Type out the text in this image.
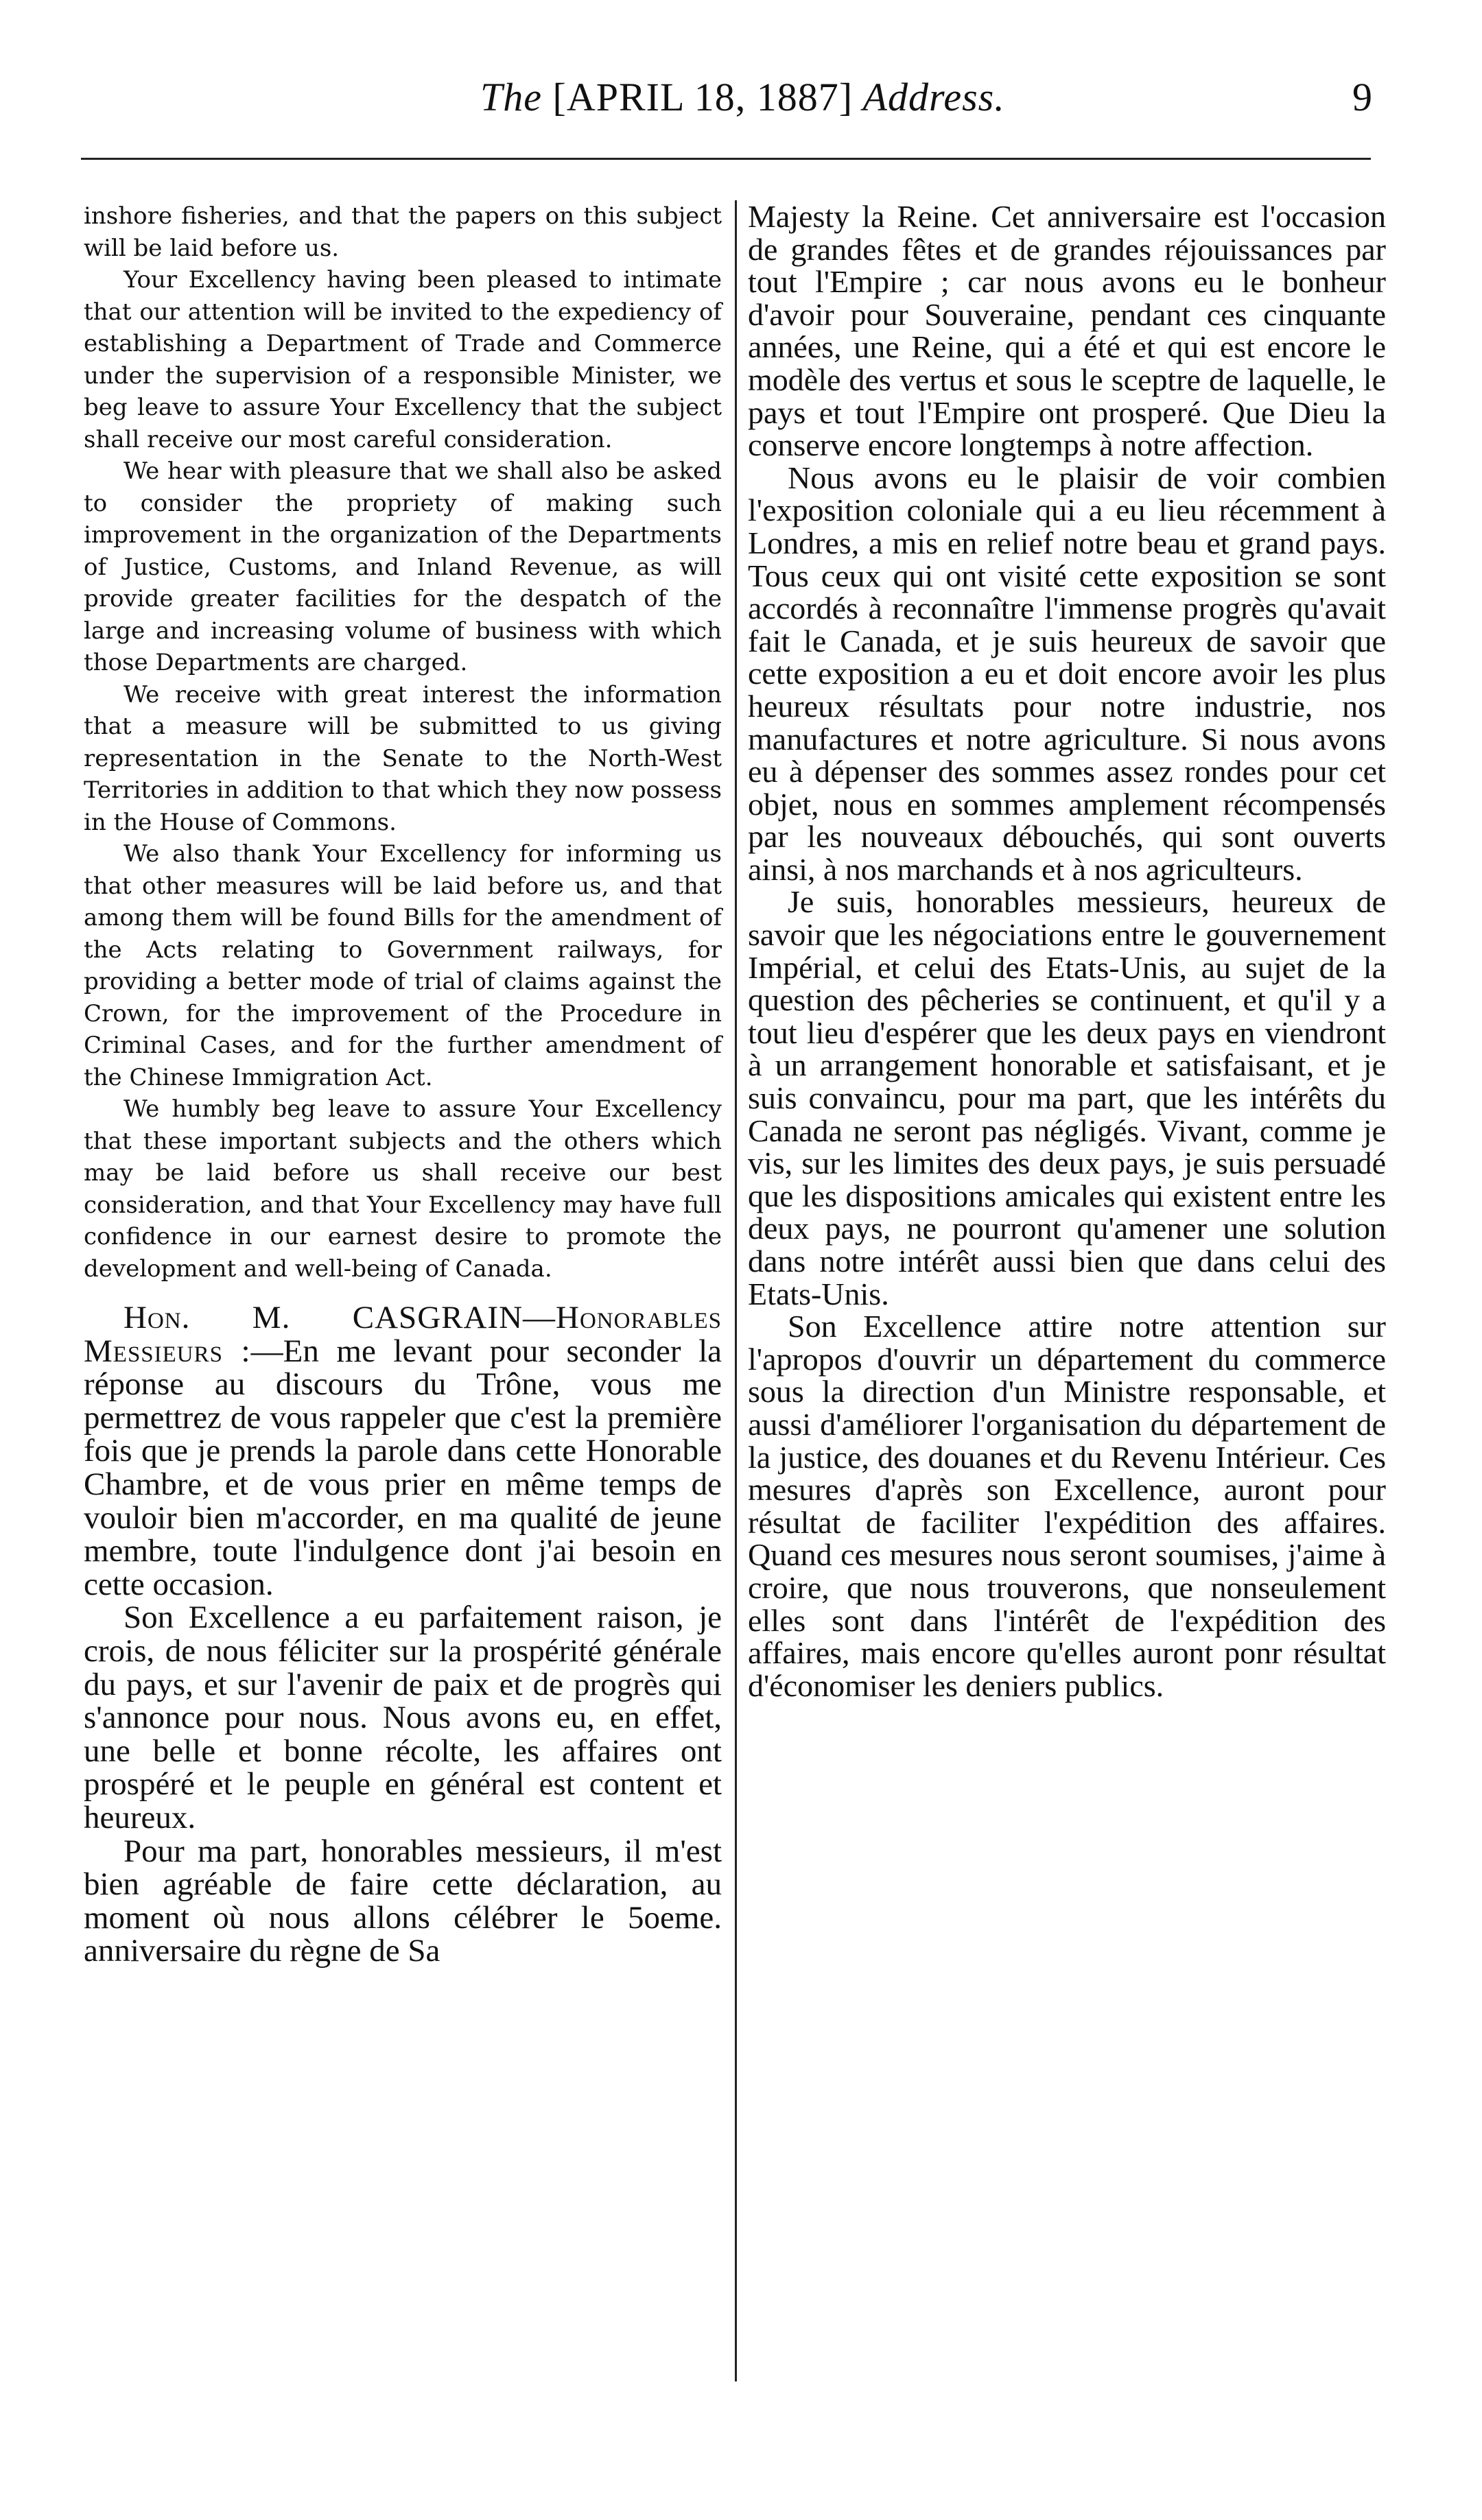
The [APRIL 18, 1887] Address.	9

inshore fisheries, and that the papers on this subject will be laid before us.

Your Excellency having been pleased to intimate that our attention will be invited to the expediency of establishing a Department of Trade and Commerce under the supervision of a responsible Minister, we beg leave to assure Your Excellency that the subject shall receive our most careful consideration.

We hear with pleasure that we shall also be asked to consider the propriety of making such improvement in the organization of the Departments of Justice, Customs, and Inland Revenue, as will provide greater facilities for the despatch of the large and increasing volume of business with which those Departments are charged.

We receive with great interest the information that a measure will be submitted to us giving representation in the Senate to the North-West Territories in addition to that which they now possess in the House of Commons.

We also thank Your Excellency for informing us that other measures will be laid before us, and that among them will be found Bills for the amendment of the Acts relating to Government railways, for providing a better mode of trial of claims against the Crown, for the improvement of the Procedure in Criminal Cases, and for the further amendment of the Chinese Immigration Act.

We humbly beg leave to assure Your Excellency that these important subjects and the others which may be laid before us shall receive our best consideration, and that Your Excellency may have full confidence in our earnest desire to promote the development and well-being of Canada.

Hon. M. CASGRAIN—Honorables Messieurs :—En me levant pour seconder la réponse au discours du Trône, vous me permettrez de vous rappeler que c'est la première fois que je prends la parole dans cette Honorable Chambre, et de vous prier en même temps de vouloir bien m'accorder, en ma qualité de jeune membre, toute l'indulgence dont j'ai besoin en cette occasion.

Son Excellence a eu parfaitement raison, je crois, de nous féliciter sur la prospérité générale du pays, et sur l'avenir de paix et de progrès qui s'annonce pour nous. Nous avons eu, en effet, une belle et bonne récolte, les affaires ont prospéré et le peuple en général est content et heureux.

Pour ma part, honorables messieurs, il m'est bien agréable de faire cette déclaration, au moment où nous allons célébrer le 5oeme. anniversaire du règne de Sa

Majesty la Reine. Cet anniversaire est l'occasion de grandes fêtes et de grandes réjouissances par tout l'Empire ; car nous avons eu le bonheur d'avoir pour Souveraine, pendant ces cinquante années, une Reine, qui a été et qui est encore le modèle des vertus et sous le sceptre de laquelle, le pays et tout l'Empire ont prosperé. Que Dieu la conserve encore longtemps à notre affection.

Nous avons eu le plaisir de voir combien l'exposition coloniale qui a eu lieu récemment à Londres, a mis en relief notre beau et grand pays. Tous ceux qui ont visité cette exposition se sont accordés à reconnaître l'immense progrès qu'avait fait le Canada, et je suis heureux de savoir que cette exposition a eu et doit encore avoir les plus heureux résultats pour notre industrie, nos manufactures et notre agriculture. Si nous avons eu à dépenser des sommes assez rondes pour cet objet, nous en sommes amplement récompensés par les nouveaux débouchés, qui sont ouverts ainsi, à nos marchands et à nos agriculteurs.

Je suis, honorables messieurs, heureux de savoir que les négociations entre le gouvernement Impérial, et celui des Etats-Unis, au sujet de la question des pêcheries se continuent, et qu'il y a tout lieu d'espérer que les deux pays en viendront à un arrangement honorable et satisfaisant, et je suis convaincu, pour ma part, que les intérêts du Canada ne seront pas négligés. Vivant, comme je vis, sur les limites des deux pays, je suis persuadé que les dispositions amicales qui existent entre les deux pays, ne pourront qu'amener une solution dans notre intérêt aussi bien que dans celui des Etats-Unis.

Son Excellence attire notre attention sur l'apropos d'ouvrir un département du commerce sous la direction d'un Ministre responsable, et aussi d'améliorer l'organisation du département de la justice, des douanes et du Revenu Intérieur. Ces mesures d'après son Excellence, auront pour résultat de faciliter l'expédition des affaires. Quand ces mesures nous seront soumises, j'aime à croire, que nous trouverons, que nonseulement elles sont dans l'intérêt de l'expédition des affaires, mais encore qu'elles auront ponr résultat d'économiser les deniers publics.
